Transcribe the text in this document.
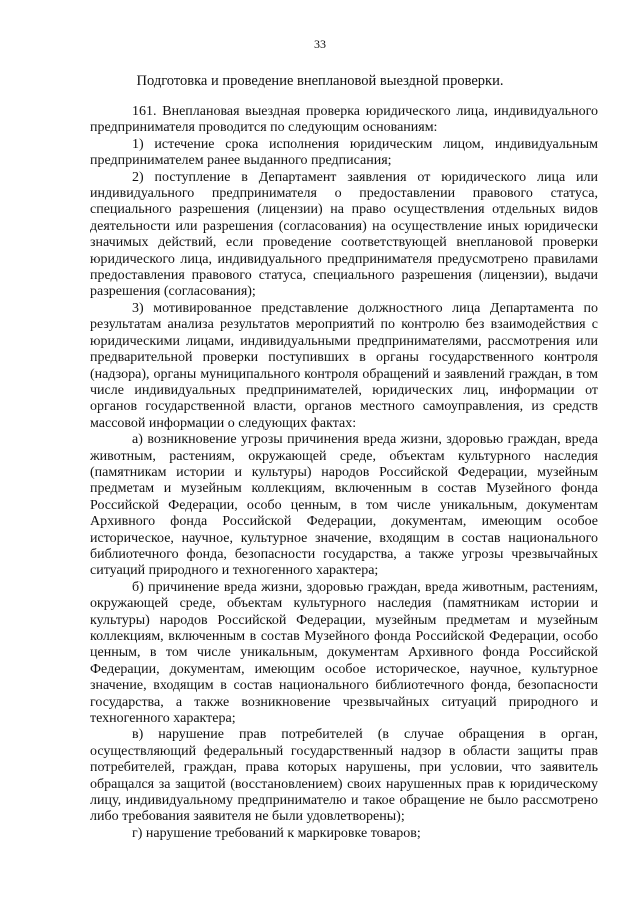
33
Подготовка и проведение внеплановой выездной проверки.

161. Внеплановая выездная проверка юридического лица, индивидуального предпринимателя проводится по следующим основаниям:

1) истечение срока исполнения юридическим лицом, индивидуальным предпринимателем ранее выданного предписания;

2) поступление в Департамент заявления от юридического лица или индивидуального предпринимателя о предоставлении правового статуса, специального разрешения (лицензии) на право осуществления отдельных видов деятельности или разрешения (согласования) на осуществление иных юридически значимых действий, если проведение соответствующей внеплановой проверки юридического лица, индивидуального предпринимателя предусмотрено правилами предоставления правового статуса, специального разрешения (лицензии), выдачи разрешения (согласования);

3) мотивированное представление должностного лица Департамента по результатам анализа результатов мероприятий по контролю без взаимодействия с юридическими лицами, индивидуальными предпринимателями, рассмотрения или предварительной проверки поступивших в органы государственного контроля (надзора), органы муниципального контроля обращений и заявлений граждан, в том числе индивидуальных предпринимателей, юридических лиц, информации от органов государственной власти, органов местного самоуправления, из средств массовой информации о следующих фактах:

а) возникновение угрозы причинения вреда жизни, здоровью граждан, вреда животным, растениям, окружающей среде, объектам культурного наследия (памятникам истории и культуры) народов Российской Федерации, музейным предметам и музейным коллекциям, включенным в состав Музейного фонда Российской Федерации, особо ценным, в том числе уникальным, документам Архивного фонда Российской Федерации, документам, имеющим особое историческое, научное, культурное значение, входящим в состав национального библиотечного фонда, безопасности государства, а также угрозы чрезвычайных ситуаций природного и техногенного характера;

б) причинение вреда жизни, здоровью граждан, вреда животным, растениям, окружающей среде, объектам культурного наследия (памятникам истории и культуры) народов Российской Федерации, музейным предметам и музейным коллекциям, включенным в состав Музейного фонда Российской Федерации, особо ценным, в том числе уникальным, документам Архивного фонда Российской Федерации, документам, имеющим особое историческое, научное, культурное значение, входящим в состав национального библиотечного фонда, безопасности государства, а также возникновение чрезвычайных ситуаций природного и техногенного характера;

в) нарушение прав потребителей (в случае обращения в орган, осуществляющий федеральный государственный надзор в области защиты прав потребителей, граждан, права которых нарушены, при условии, что заявитель обращался за защитой (восстановлением) своих нарушенных прав к юридическому лицу, индивидуальному предпринимателю и такое обращение не было рассмотрено либо требования заявителя не были удовлетворены);

г) нарушение требований к маркировке товаров;
